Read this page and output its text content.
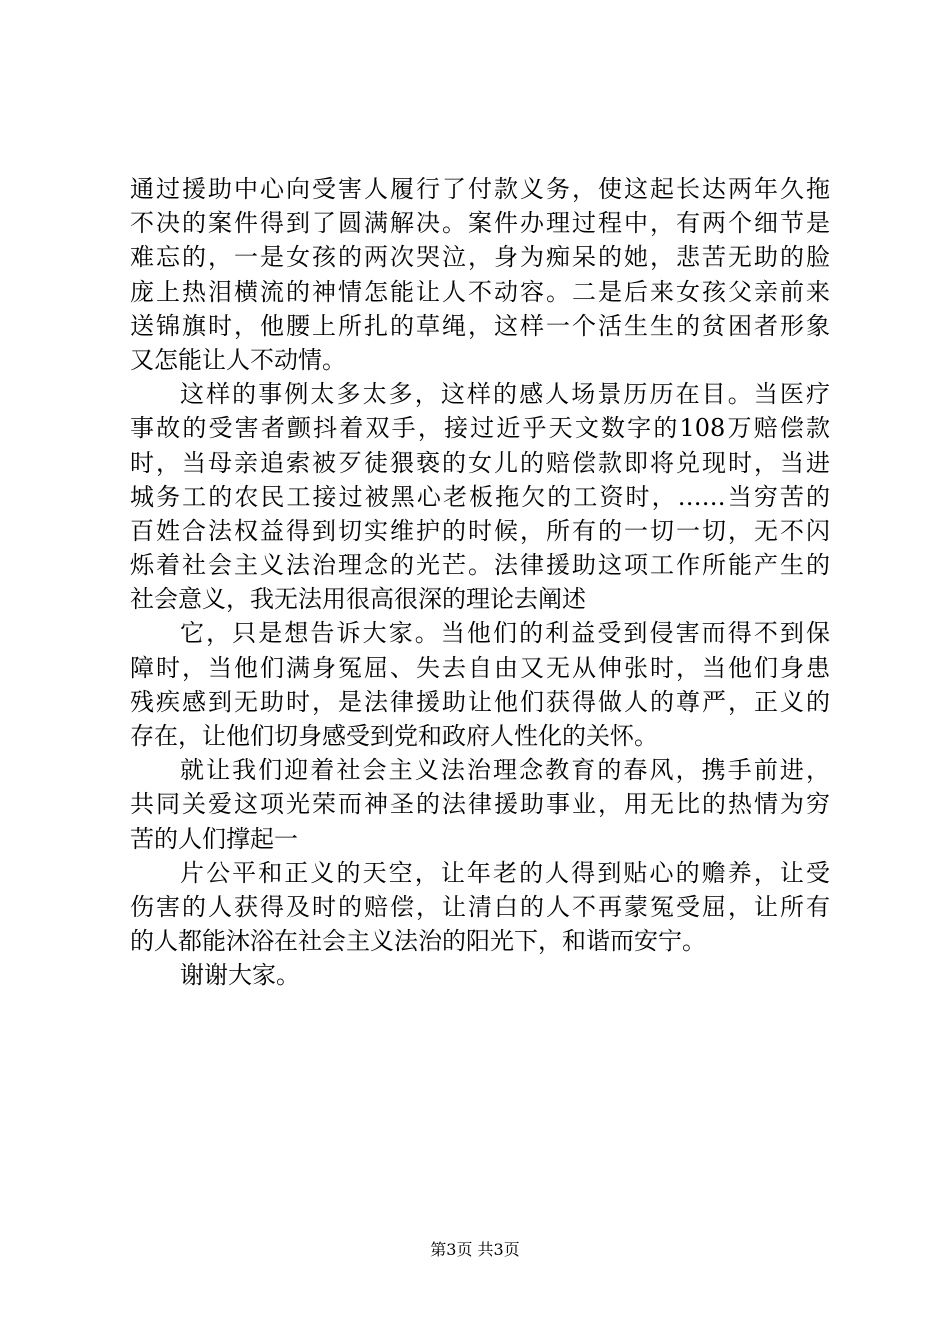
通过援助中心向受害人履行了付款义务，使这起长达两年久拖
不决的案件得到了圆满解决。案件办理过程中，有两个细节是
难忘的，一是女孩的两次哭泣，身为痴呆的她，悲苦无助的脸
庞上热泪横流的神情怎能让人不动容。二是后来女孩父亲前来
送锦旗时，他腰上所扎的草绳，这样一个活生生的贫困者形象
又怎能让人不动情。
这样的事例太多太多，这样的感人场景历历在目。当医疗
事故的受害者颤抖着双手，接过近乎天文数字的108万赔偿款
时，当母亲追索被歹徒猥亵的女儿的赔偿款即将兑现时，当进
城务工的农民工接过被黑心老板拖欠的工资时，……当穷苦的
百姓合法权益得到切实维护的时候，所有的一切一切，无不闪
烁着社会主义法治理念的光芒。法律援助这项工作所能产生的
社会意义，我无法用很高很深的理论去阐述
它，只是想告诉大家。当他们的利益受到侵害而得不到保
障时，当他们满身冤屈、失去自由又无从伸张时，当他们身患
残疾感到无助时，是法律援助让他们获得做人的尊严，正义的
存在，让他们切身感受到党和政府人性化的关怀。
就让我们迎着社会主义法治理念教育的春风，携手前进，
共同关爱这项光荣而神圣的法律援助事业，用无比的热情为穷
苦的人们撑起一
片公平和正义的天空，让年老的人得到贴心的赡养，让受
伤害的人获得及时的赔偿，让清白的人不再蒙冤受屈，让所有
的人都能沐浴在社会主义法治的阳光下，和谐而安宁。
谢谢大家。
第3页 共3页
